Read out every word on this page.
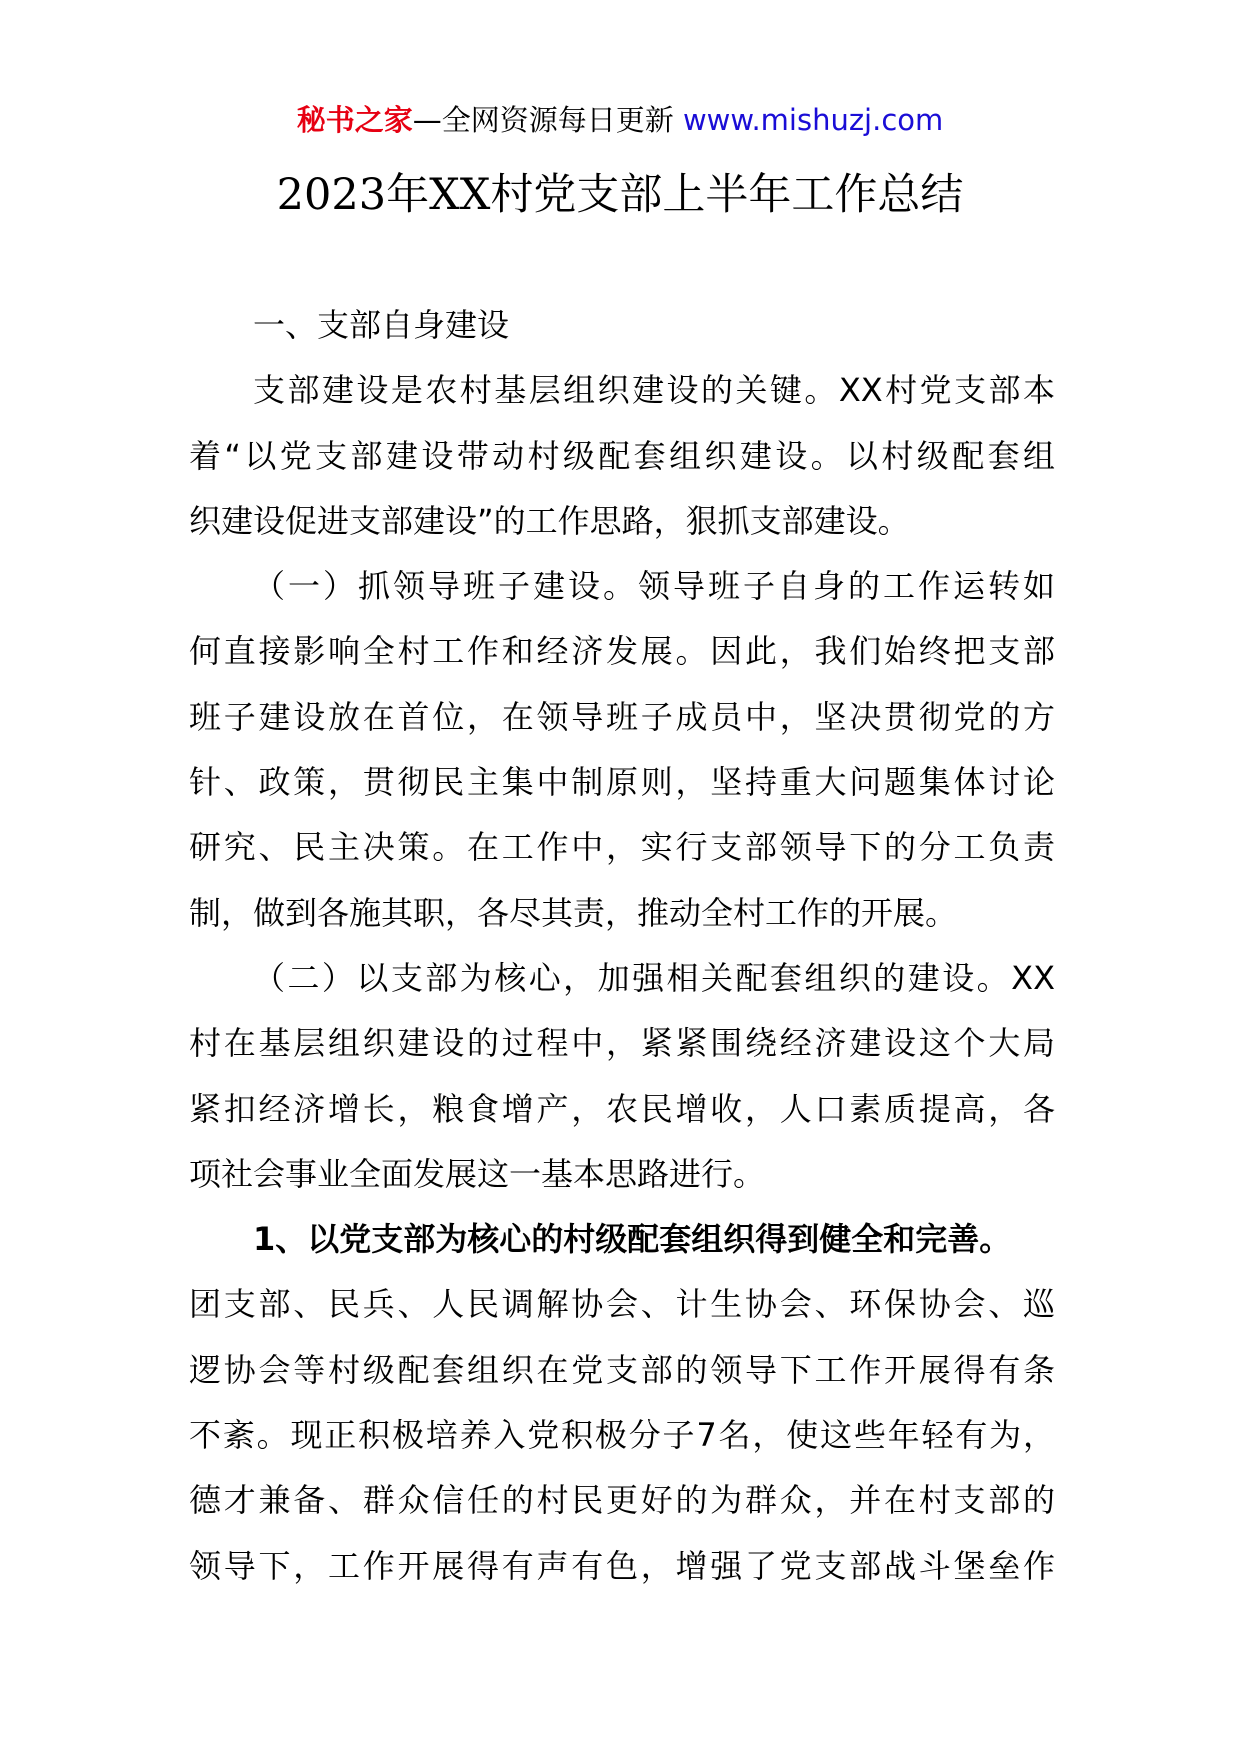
秘书之家—全网资源每日更新 www.mishuzj.com
2023年XX村党支部上半年工作总结
一、支部自身建设
支部建设是农村基层组织建设的关键。XX村党支部本
着“以党支部建设带动村级配套组织建设。以村级配套组
织建设促进支部建设”的工作思路，狠抓支部建设。
（一）抓领导班子建设。领导班子自身的工作运转如
何直接影响全村工作和经济发展。因此，我们始终把支部
班子建设放在首位，在领导班子成员中，坚决贯彻党的方
针、政策，贯彻民主集中制原则，坚持重大问题集体讨论
研究、民主决策。在工作中，实行支部领导下的分工负责
制，做到各施其职，各尽其责，推动全村工作的开展。
（二）以支部为核心，加强相关配套组织的建设。XX
村在基层组织建设的过程中，紧紧围绕经济建设这个大局
紧扣经济增长，粮食增产，农民增收，人口素质提高，各
项社会事业全面发展这一基本思路进行。
1、以党支部为核心的村级配套组织得到健全和完善。
团支部、民兵、人民调解协会、计生协会、环保协会、巡
逻协会等村级配套组织在党支部的领导下工作开展得有条
不紊。现正积极培养入党积极分子7名，使这些年轻有为，
德才兼备、群众信任的村民更好的为群众，并在村支部的
领导下，工作开展得有声有色，增强了党支部战斗堡垒作
